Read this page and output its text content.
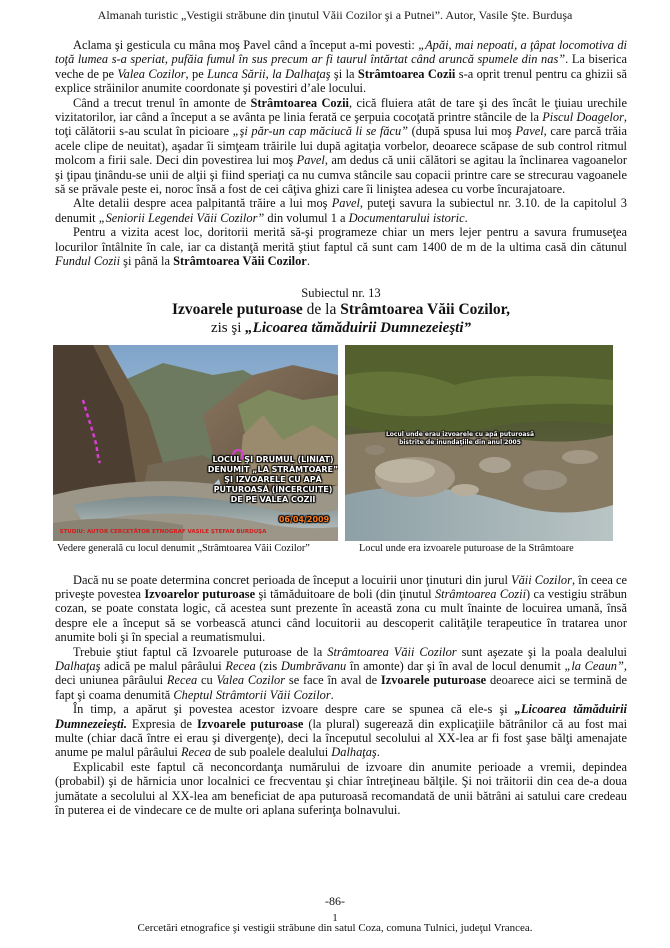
Almanah turistic „Vestigii străbune din ţinutul Văii Cozilor şi a Putnei”. Autor, Vasile Şte. Burduşa

Aclama şi gesticula cu mâna moş Pavel când a început a-mi povesti: „Apăi, mai nepoati, a ţâpat locomotiva di toţă lumea s-a speriat, pufăia fumul în sus precum ar fi taurul întărtat când aruncă spumele din nas”. La biserica veche de pe Valea Cozilor, pe Lunca Sării, la Dalhaţaş şi la Strâmtoarea Cozii s-a oprit trenul pentru ca ghizii să explice străinilor anumite coordonate şi povestiri d’ale locului.

Când a trecut trenul în amonte de Strâmtoarea Cozii, cică fluiera atât de tare şi des încât le ţiuiau urechile vizitatorilor, iar când a început a se avânta pe linia ferată ce şerpuia cocoţată printre stâncile de la Piscul Doagelor, toţi călătorii s-au sculat în picioare „şi păr-un cap măciucă li se făcu” (după spusa lui moş Pavel, care parcă trăia acele clipe de neuitat), aşadar îi simţeam trăirile lui după agitaţia vorbelor, deoarece scăpase de sub control ritmul molcom a firii sale. Deci din povestirea lui moş Pavel, am dedus că unii călători se agitau la înclinarea vagoanelor şi ţipau ţinându-se unii de alţii şi fiind speriaţi ca nu cumva stâncile sau copacii printre care se strecurau vagoanele să se prăvale peste ei, noroc însă a fost de cei câţiva ghizi care îi liniştea adesea cu vorbe încurajatoare.

Alte detalii despre acea palpitantă trăire a lui moş Pavel, puteţi savura la subiectul nr. 3.10. de la capitolul 3 denumit „Seniorii Legendei Văii Cozilor” din volumul 1 a Documentarului istoric.

Pentru a vizita acest loc, doritorii merită să-şi programeze chiar un mers lejer pentru a savura frumuseţea locurilor întâlnite în cale, iar ca distanţă merită ştiut faptul că sunt cam 1400 de m de la ultima casă din cătunul Fundul Cozii şi până la Strâmtoarea Văii Cozilor.

Subiectul nr. 13
Izvoarele puturoase de la Strâmtoarea Văii Cozilor,
zis şi „Licoarea tămăduirii Dumnezeieşti”
LOCUL ŞI DRUMUL (LINIAT)
DENUMIT „LA STRÂMTOARE”
ŞI IZVOARELE CU APĂ
PUTUROASĂ (ÎNCERCUITE)
DE PE VALEA COZII
06/04/2009
STUDIU: AUTOR CERCETĂTOR ETNOGRAF VASILE ŞTEFAN BURDUŞA
Vedere generală cu locul denumit „Strâmtoarea Văii Cozilor”
Locul unde erau izvoarele cu apă puturoasă
bistrite de inundaţiile din anul 2005
Locul unde era izvoarele puturoase de la Strâmtoare

Dacă nu se poate determina concret perioada de început a locuirii unor ţinuturi din jurul Văii Cozilor, în ceea ce priveşte povestea Izvoarelor puturoase şi tămăduitoare de boli (din ţinutul Strâmtoarea Cozii) ca vestigiu străbun cozan, se poate constata logic, că acestea sunt prezente în această zona cu mult înainte de locuirea umană, însă despre ele a început să se vorbească atunci când locuitorii au descoperit calităţile terapeutice în tratarea unor anumite boli şi în special a reumatismului.

Trebuie ştiut faptul că Izvoarele puturoase de la Strâmtoarea Văii Cozilor sunt aşezate şi la poala dealului Dalhaţaş adică pe malul pârâului Recea (zis Dumbrăvanu în amonte) dar şi în aval de locul denumit „la Ceaun”, deci uniunea pârâului Recea cu Valea Cozilor se face în aval de Izvoarele puturoase deoarece aici se termină de fapt şi coama denumită Cheptul Strâmtorii Văii Cozilor.

În timp, a apărut şi povestea acestor izvoare despre care se spunea că ele-s şi „Licoarea tămăduirii Dumnezeieşti. Expresia de Izvoarele puturoase (la plural) sugerează din explicaţiile bătrânilor că au fost mai multe (chiar dacă între ei erau şi divergenţe), deci la începutul secolului al XX-lea ar fi fost şase bălţi amenajate anume pe malul pârâului Recea de sub poalele dealului Dalhaţaş.

Explicabil este faptul că neconcordanţa numărului de izvoare din anumite perioade a vremii, depindea (probabil) şi de hărnicia unor localnici ce frecventau şi chiar întreţineau bălţile. Şi noi trăitorii din cea de-a doua jumătate a secolului al XX-lea am beneficiat de apa puturoasă recomandată de unii bătrâni ai satului care credeau în puterea ei de vindecare ce de multe ori aplana suferinţa bolnavului.

-86-
1
Cercetări etnografice şi vestigii străbune din satul Coza, comuna Tulnici, judeţul Vrancea.
